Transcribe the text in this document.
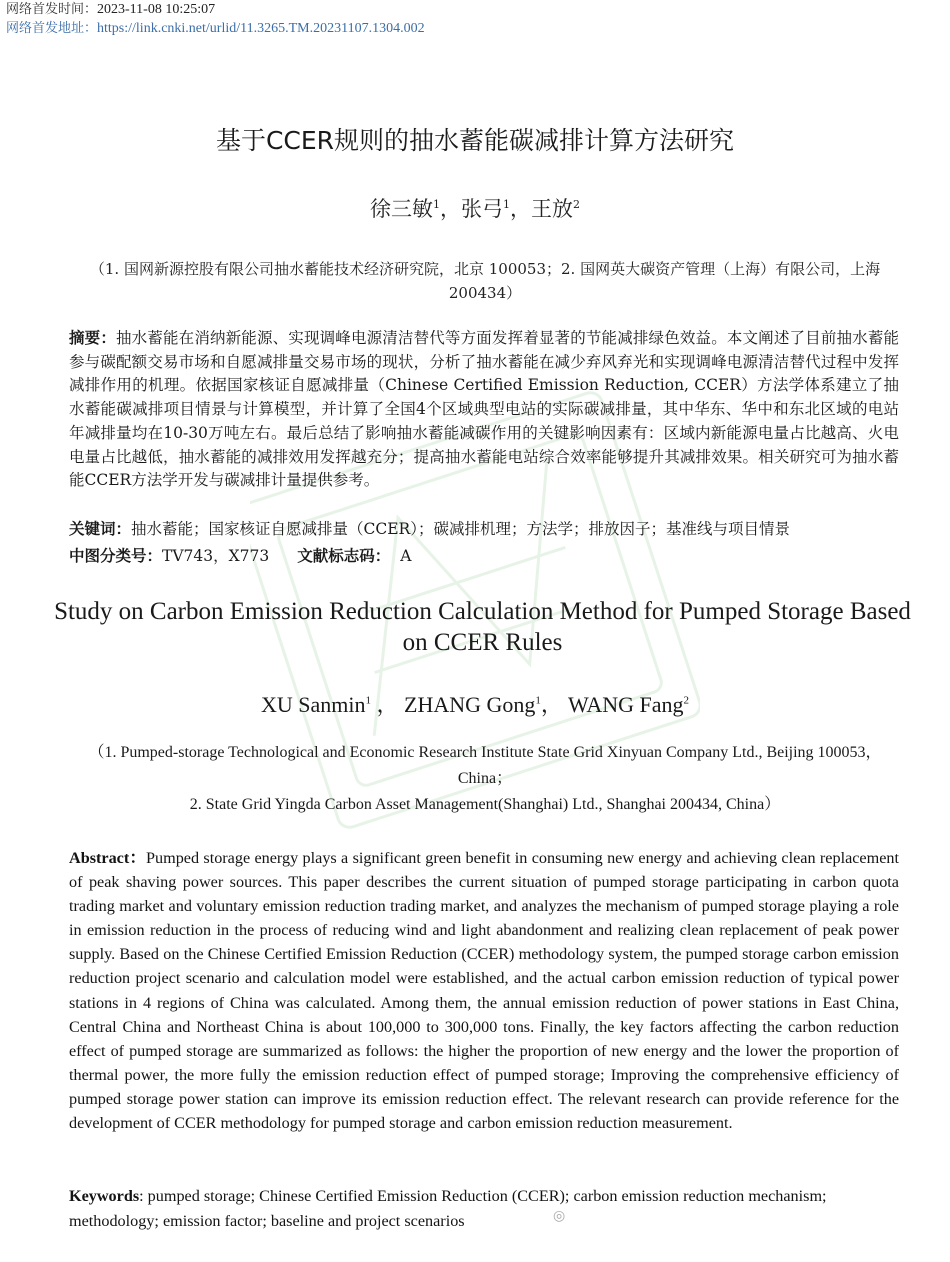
网络首发时间：2023-11-08 10:25:07
网络首发地址：https://link.cnki.net/urlid/11.3265.TM.20231107.1304.002
基于CCER规则的抽水蓄能碳减排计算方法研究
徐三敏$^1$，张弓$^1$，王放$^2$
（1. 国网新源控股有限公司抽水蓄能技术经济研究院，北京 100053；2. 国网英大碳资产管理（上海）有限公司，上海 200434）
摘要：抽水蓄能在消纳新能源、实现调峰电源清洁替代等方面发挥着显著的节能减排绿色效益。本文阐述了目前抽水蓄能参与碳配额交易市场和自愿减排量交易市场的现状，分析了抽水蓄能在减少弃风弃光和实现调峰电源清洁替代过程中发挥减排作用的机理。依据国家核证自愿减排量（Chinese Certified Emission Reduction, CCER）方法学体系建立了抽水蓄能碳减排项目情景与计算模型，并计算了全国4个区域典型电站的实际碳减排量，其中华东、华中和东北区域的电站年减排量均在10-30万吨左右。最后总结了影响抽水蓄能减碳作用的关键影响因素有：区域内新能源电量占比越高、火电电量占比越低，抽水蓄能的减排效用发挥越充分；提高抽水蓄能电站综合效率能够提升其减排效果。相关研究可为抽水蓄能CCER方法学开发与碳减排计量提供参考。
关键词：抽水蓄能；国家核证自愿减排量（CCER）；碳减排机理；方法学；排放因子；基准线与项目情景
中图分类号：TV743，X773 文献标志码： A
Study on Carbon Emission Reduction Calculation Method for Pumped Storage Based on CCER Rules
XU Sanmin$^1$ ， ZHANG Gong$^1$， WANG Fang$^2$
（1. Pumped-storage Technological and Economic Research Institute State Grid Xinyuan Company Ltd., Beijing 100053，China；
2. State Grid Yingda Carbon Asset Management(Shanghai) Ltd., Shanghai 200434, China）
Abstract：Pumped storage energy plays a significant green benefit in consuming new energy and achieving clean replacement of peak shaving power sources. This paper describes the current situation of pumped storage participating in carbon quota trading market and voluntary emission reduction trading market, and analyzes the mechanism of pumped storage playing a role in emission reduction in the process of reducing wind and light abandonment and realizing clean replacement of peak power supply. Based on the Chinese Certified Emission Reduction (CCER) methodology system, the pumped storage carbon emission reduction project scenario and calculation model were established, and the actual carbon emission reduction of typical power stations in 4 regions of China was calculated. Among them, the annual emission reduction of power stations in East China, Central China and Northeast China is about 100,000 to 300,000 tons. Finally, the key factors affecting the carbon reduction effect of pumped storage are summarized as follows: the higher the proportion of new energy and the lower the proportion of thermal power, the more fully the emission reduction effect of pumped storage; Improving the comprehensive efficiency of pumped storage power station can improve its emission reduction effect. The relevant research can provide reference for the development of CCER methodology for pumped storage and carbon emission reduction measurement.
Keywords: pumped storage; Chinese Certified Emission Reduction (CCER); carbon emission reduction mechanism; methodology; emission factor; baseline and project scenarios	◎
